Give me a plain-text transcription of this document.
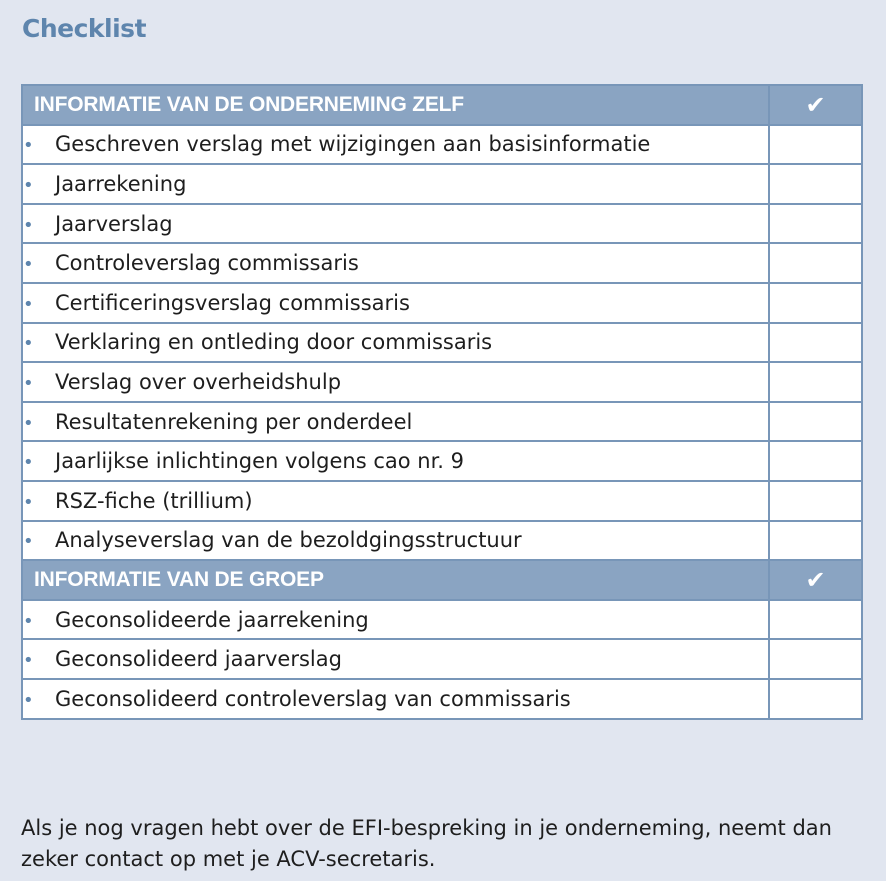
Checklist
INFORMATIE VAN DE ONDERNEMING ZELF	✔
• Geschreven verslag met wijzigingen aan basisinformatie	
• Jaarrekening	
• Jaarverslag	
• Controleverslag commissaris	
• Certificeringsverslag commissaris	
• Verklaring en ontleding door commissaris	
• Verslag over overheidshulp	
• Resultatenrekening per onderdeel	
• Jaarlijkse inlichtingen volgens cao nr. 9	
• RSZ-fiche (trillium)	
• Analyseverslag van de bezoldgingsstructuur	
INFORMATIE VAN DE GROEP	✔
• Geconsolideerde jaarrekening	
• Geconsolideerd jaarverslag	
• Geconsolideerd controleverslag van commissaris	
Als je nog vragen hebt over de EFI-bespreking in je onderneming, neemt dan zeker contact op met je ACV-secretaris.
